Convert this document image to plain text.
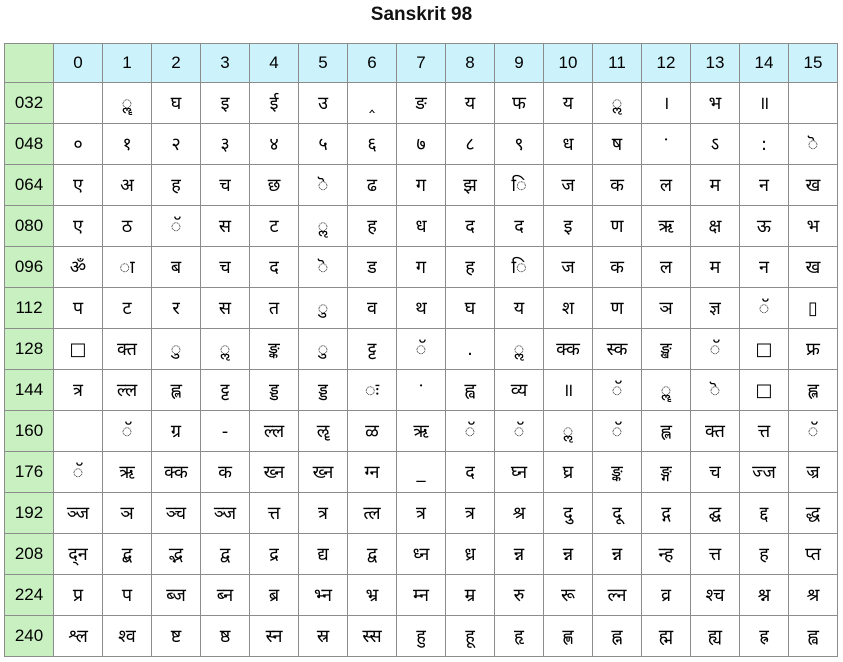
Sanskrit 98
	0	1	2	3	4	5	6	7	8	9	10	11	12	13	14	15
032		ॣ	घ	इ	ई	उ	‸	ङ	य	फ	य	ॢ	।	भ	॥	
048	०	१	२	३	४	५	६	७	८	९	ध	ष	ॱ	ऽ	:	ॆ
064	ए	अ	ह	च	छ	ॆ	ढ	ग	झ	ि	ज	क	ल	म	न	ख
080	ए	ठ	ॅ	स	ट	ॢ	ह	ध	द	द	इ	ण	ऋ	क्ष	ऊ	भ
096	ॐ	ा	ब	च	द	ॆ	ड	ग	ह	ि	ज	क	ल	म	न	ख
112	प	ट	र	स	त	ु	व	थ	घ	य	श	ण	ञ	ज्ञ	ॅ	▯
128	□	क्त	ु	ॢ	ङ्क	ु	ट्ट	ॅ	.	ॢ	क्क	स्क	ङ्ख	ॅ	□	फ्र
144	त्र	ल्ल	ह्ल	ट्ट	ड्ड	ड्ड	ः	ॱ	ह्व	व्य	॥	ॅ	ॣ	ॆ	□	ह्ल
160		ॅ	ग्र	-	ल्ल	ॡ	ळ	ऋ	ॅ	ॅ	ॢ	ॅ	ह्ल	क्त	त्त	ॅ
176	ॅ	ऋ	क्क	क	ख्न	ख्न	ग्न	_	द	घ्न	घ्र	ङ्क	ङ्ग	च	ज्ज	ज्र
192	ञ्ज	ञ	ञ्च	ञ्ज	त्त	त्र	त्ल	त्र	त्र	श्र	दु	दू	द्ग	द्घ	द्द	द्ध
208	द्न	द्ब	द्भ	द्व	द्र	द्य	द्व	ध्न	ध्र	न्न	न्न	न्न	न्ह	त्त	ह	प्त
224	प्र	प	ब्ज	ब्न	ब्र	भ्न	भ्र	म्न	म्र	रु	रू	ल्न	व्र	श्च	श्न	श्र
240	श्ल	श्व	ष्ट	ष्ठ	स्न	स्र	स्स	हु	हू	हृ	ह्ण	ह्न	ह्म	ह्य	ह्र	ह्व
